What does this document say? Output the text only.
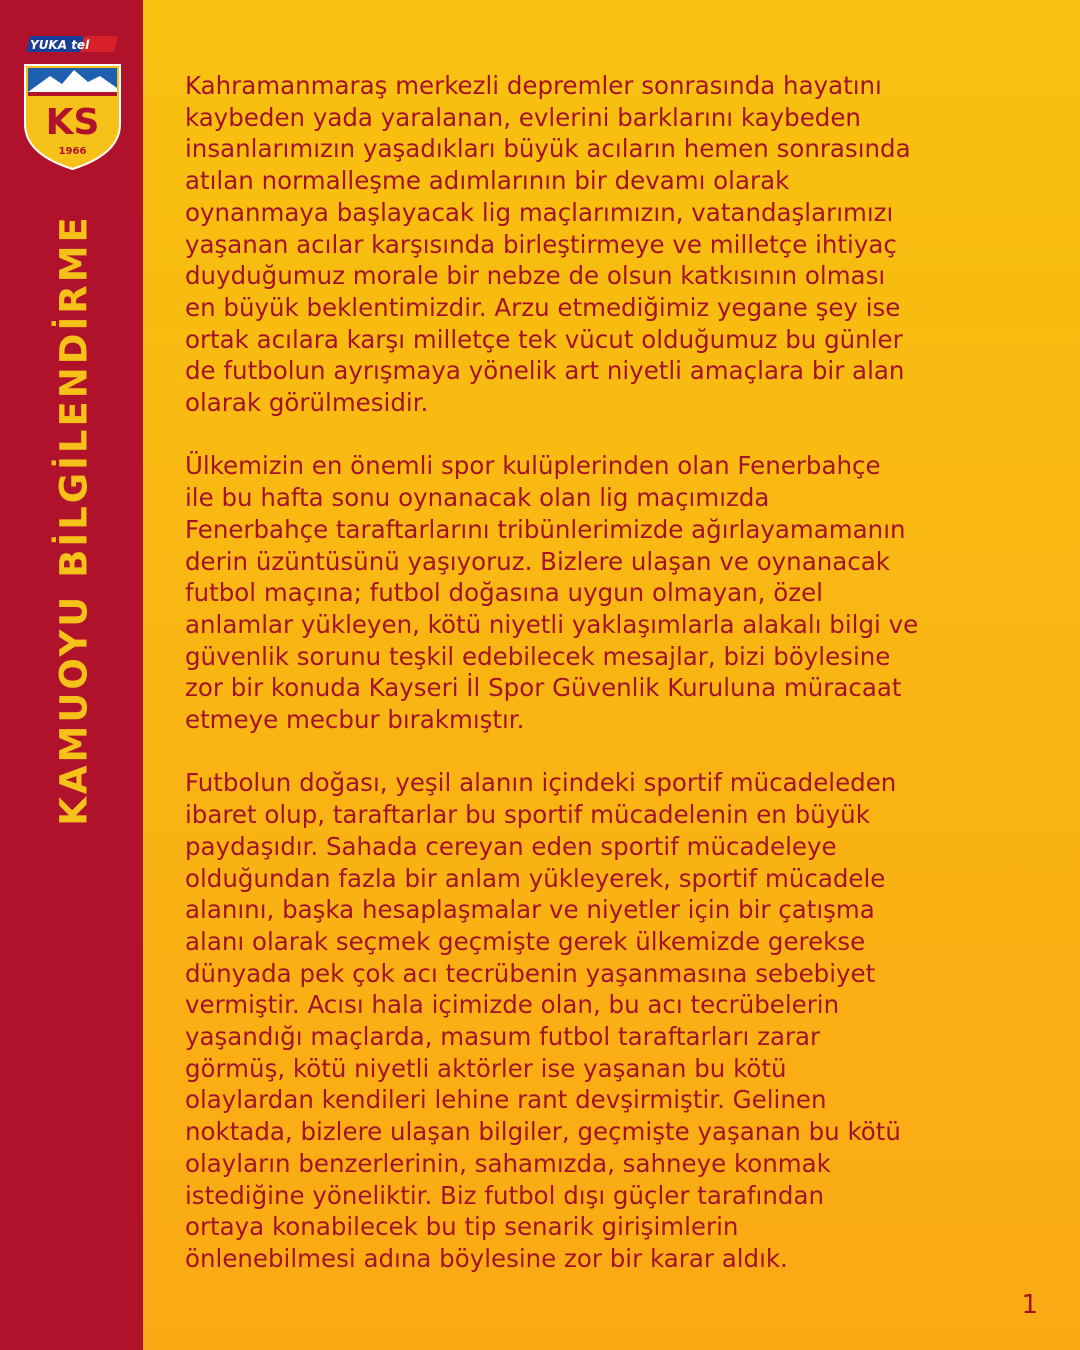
YUKA tel
KS
1966
KAMUOYU BİLGİLENDİRME

Kahramanmaraş merkezli depremler sonrasında hayatını
kaybeden yada yaralanan, evlerini barklarını kaybeden
insanlarımızın yaşadıkları büyük acıların hemen sonrasında
atılan normalleşme adımlarının bir devamı olarak
oynanmaya başlayacak lig maçlarımızın, vatandaşlarımızı
yaşanan acılar karşısında birleştirmeye ve milletçe ihtiyaç
duyduğumuz morale bir nebze de olsun katkısının olması
en büyük beklentimizdir. Arzu etmediğimiz yegane şey ise
ortak acılara karşı milletçe tek vücut olduğumuz bu günler
de futbolun ayrışmaya yönelik art niyetli amaçlara bir alan
olarak görülmesidir.

Ülkemizin en önemli spor kulüplerinden olan Fenerbahçe
ile bu hafta sonu oynanacak olan lig maçımızda
Fenerbahçe taraftarlarını tribünlerimizde ağırlayamamanın
derin üzüntüsünü yaşıyoruz. Bizlere ulaşan ve oynanacak
futbol maçına; futbol doğasına uygun olmayan, özel
anlamlar yükleyen, kötü niyetli yaklaşımlarla alakalı bilgi ve
güvenlik sorunu teşkil edebilecek mesajlar, bizi böylesine
zor bir konuda Kayseri İl Spor Güvenlik Kuruluna müracaat
etmeye mecbur bırakmıştır.

Futbolun doğası, yeşil alanın içindeki sportif mücadeleden
ibaret olup, taraftarlar bu sportif mücadelenin en büyük
paydaşıdır. Sahada cereyan eden sportif mücadeleye
olduğundan fazla bir anlam yükleyerek, sportif mücadele
alanını, başka hesaplaşmalar ve niyetler için bir çatışma
alanı olarak seçmek geçmişte gerek ülkemizde gerekse
dünyada pek çok acı tecrübenin yaşanmasına sebebiyet
vermiştir. Acısı hala içimizde olan, bu acı tecrübelerin
yaşandığı maçlarda, masum futbol taraftarları zarar
görmüş, kötü niyetli aktörler ise yaşanan bu kötü
olaylardan kendileri lehine rant devşirmiştir. Gelinen
noktada, bizlere ulaşan bilgiler, geçmişte yaşanan bu kötü
olayların benzerlerinin, sahamızda, sahneye konmak
istediğine yöneliktir. Biz futbol dışı güçler tarafından
ortaya konabilecek bu tip senarik girişimlerin
önlenebilmesi adına böylesine zor bir karar aldık.

1
